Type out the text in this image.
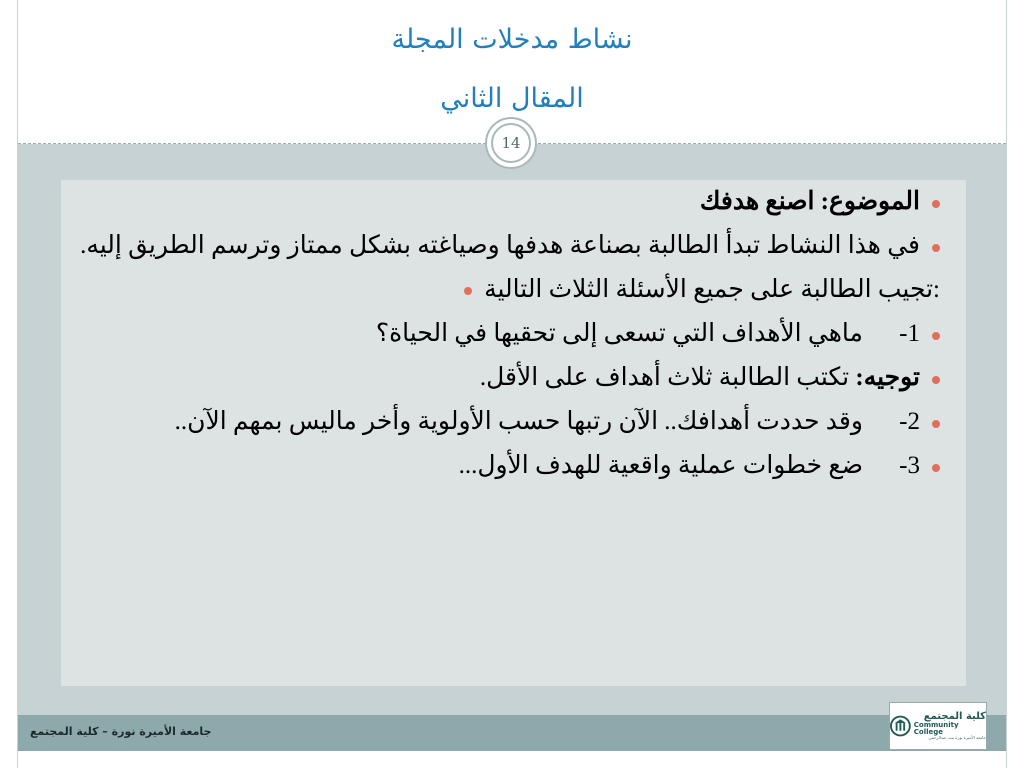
نشاط مدخلات المجلة
المقال الثاني
14
الموضوع: اصنع هدفك
في هذا النشاط تبدأ الطالبة بصناعة هدفها وصياغته بشكل ممتاز وترسم الطريق إليه.
:تجيب الطالبة على جميع الأسئلة الثلاث التالية
1- ماهي الأهداف التي تسعى إلى تحقيها في الحياة؟
توجيه: تكتب الطالبة ثلاث أهداف على الأقل.
2- وقد حددت أهدافك.. الآن رتبها حسب الأولوية وأخر ماليس بمهم الآن..
3- ضع خطوات عملية واقعية للهدف الأول...
جامعة الأميرة نورة – كلية المجتمع
كلية المجتمع
Community College
جامعة الأميرة نورة بنت عبدالرحمن
